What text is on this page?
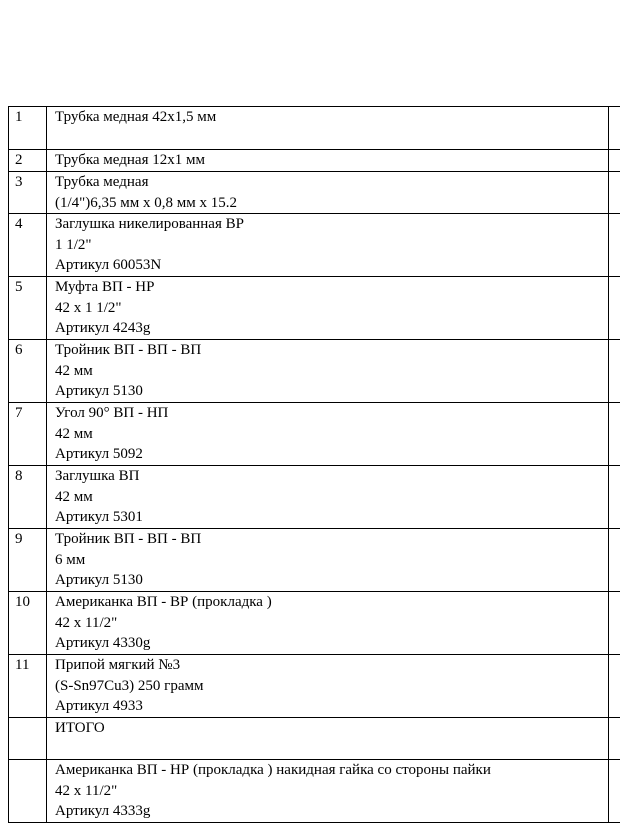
1	Трубка медная 42х1,5 мм	

2	Трубка медная 12х1 мм	

3	Трубка медная
(1/4")6,35 мм х 0,8 мм х 15.2	

4	Заглушка никелированная ВР
1 1/2"
Артикул 60053N	

5	Муфта ВП - НР
42 х 1 1/2"
Артикул 4243g	

6	Тройник ВП - ВП - ВП
42 мм
Артикул 5130	

7	Угол 90° ВП - НП
42 мм
Артикул 5092	

8	Заглушка ВП
42 мм
Артикул 5301	

9	Тройник ВП - ВП - ВП
6 мм
Артикул 5130	

10	Американка ВП - ВР (прокладка )
42 х 11/2"
Артикул 4330g	

11	Припой мягкий №3
(S-Sn97Cu3) 250 грамм
Артикул 4933	

	ИТОГО	

	Американка ВП - НР (прокладка ) накидная гайка со стороны пайки
42 х 11/2"
Артикул 4333g	
